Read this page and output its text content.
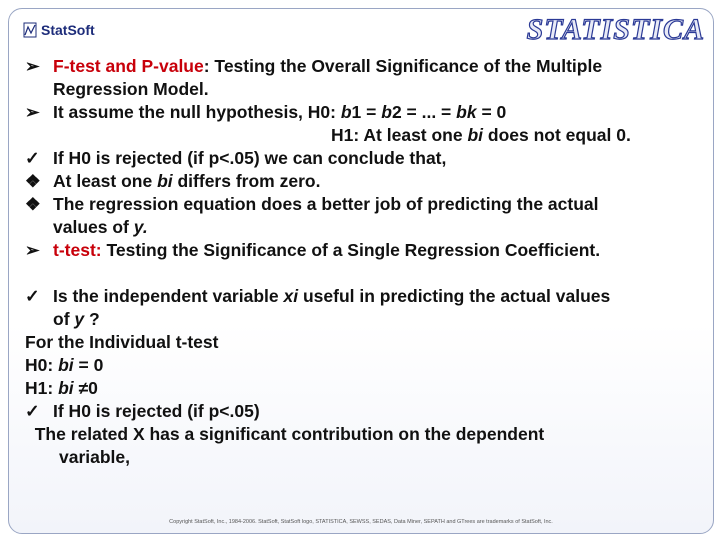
StatSoft	STATISTICA
➢ F-test and P-value: Testing the Overall Significance of the Multiple
Regression Model.
➢ It assume the null hypothesis, H0: b1 = b2 = ... = bk = 0
H1: At least one bi does not equal 0.
✓ If H0 is rejected (if p<.05) we can conclude that,
❖ At least one bi differs from zero.
❖ The regression equation does a better job of predicting the actual
values of y.
➢ t-test: Testing the Significance of a Single Regression Coefficient.
✓ Is the independent variable xi useful in predicting the actual values
of y ?
For the Individual t-test
H0: bi = 0
H1: bi ≠0
✓ If H0 is rejected (if p<.05)
The related X has a significant contribution on the dependent
variable,
Copyright StatSoft, Inc., 1984-2006. StatSoft, StatSoft logo, STATISTICA, SEWSS, SEDAS, Data Miner, SEPATH and GTrees are trademarks of StatSoft, Inc.
